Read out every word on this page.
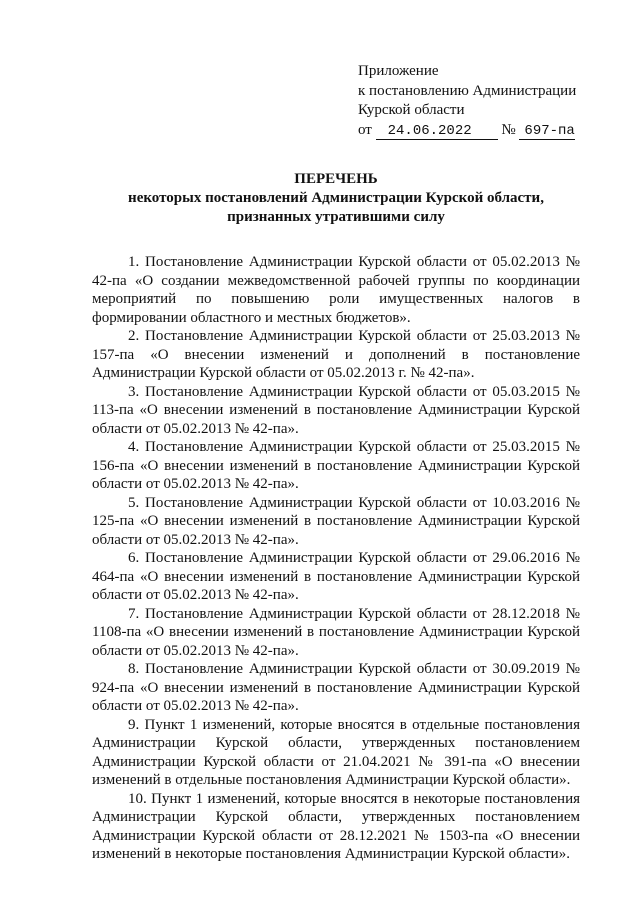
Приложение
к постановлению Администрации
Курской области
от 24.06.2022 № 697-па
ПЕРЕЧЕНЬ
некоторых постановлений Администрации Курской области,
признанных утратившими силу

1. Постановление Администрации Курской области от 05.02.2013 № 42-па «О создании межведомственной рабочей группы по координации мероприятий по повышению роли имущественных налогов в формировании областного и местных бюджетов».

2. Постановление Администрации Курской области от 25.03.2013 № 157-па «О внесении изменений и дополнений в постановление Администрации Курской области от 05.02.2013 г. № 42-па».

3. Постановление Администрации Курской области от 05.03.2015 № 113-па «О внесении изменений в постановление Администрации Курской области от 05.02.2013 № 42-па».

4. Постановление Администрации Курской области от 25.03.2015 № 156-па «О внесении изменений в постановление Администрации Курской области от 05.02.2013 № 42-па».

5. Постановление Администрации Курской области от 10.03.2016 № 125-па «О внесении изменений в постановление Администрации Курской области от 05.02.2013 № 42-па».

6. Постановление Администрации Курской области от 29.06.2016 № 464-па «О внесении изменений в постановление Администрации Курской области от 05.02.2013 № 42-па».

7. Постановление Администрации Курской области от 28.12.2018 № 1108-па «О внесении изменений в постановление Администрации Курской области от 05.02.2013 № 42-па».

8. Постановление Администрации Курской области от 30.09.2019 № 924-па «О внесении изменений в постановление Администрации Курской области от 05.02.2013 № 42-па».

9. Пункт 1 изменений, которые вносятся в отдельные постановления Администрации Курской области, утвержденных постановлением Администрации Курской области от 21.04.2021 № 391-па «О внесении изменений в отдельные постановления Администрации Курской области».

10. Пункт 1 изменений, которые вносятся в некоторые постановления Администрации Курской области, утвержденных постановлением Администрации Курской области от 28.12.2021 № 1503-па «О внесении изменений в некоторые постановления Администрации Курской области».
